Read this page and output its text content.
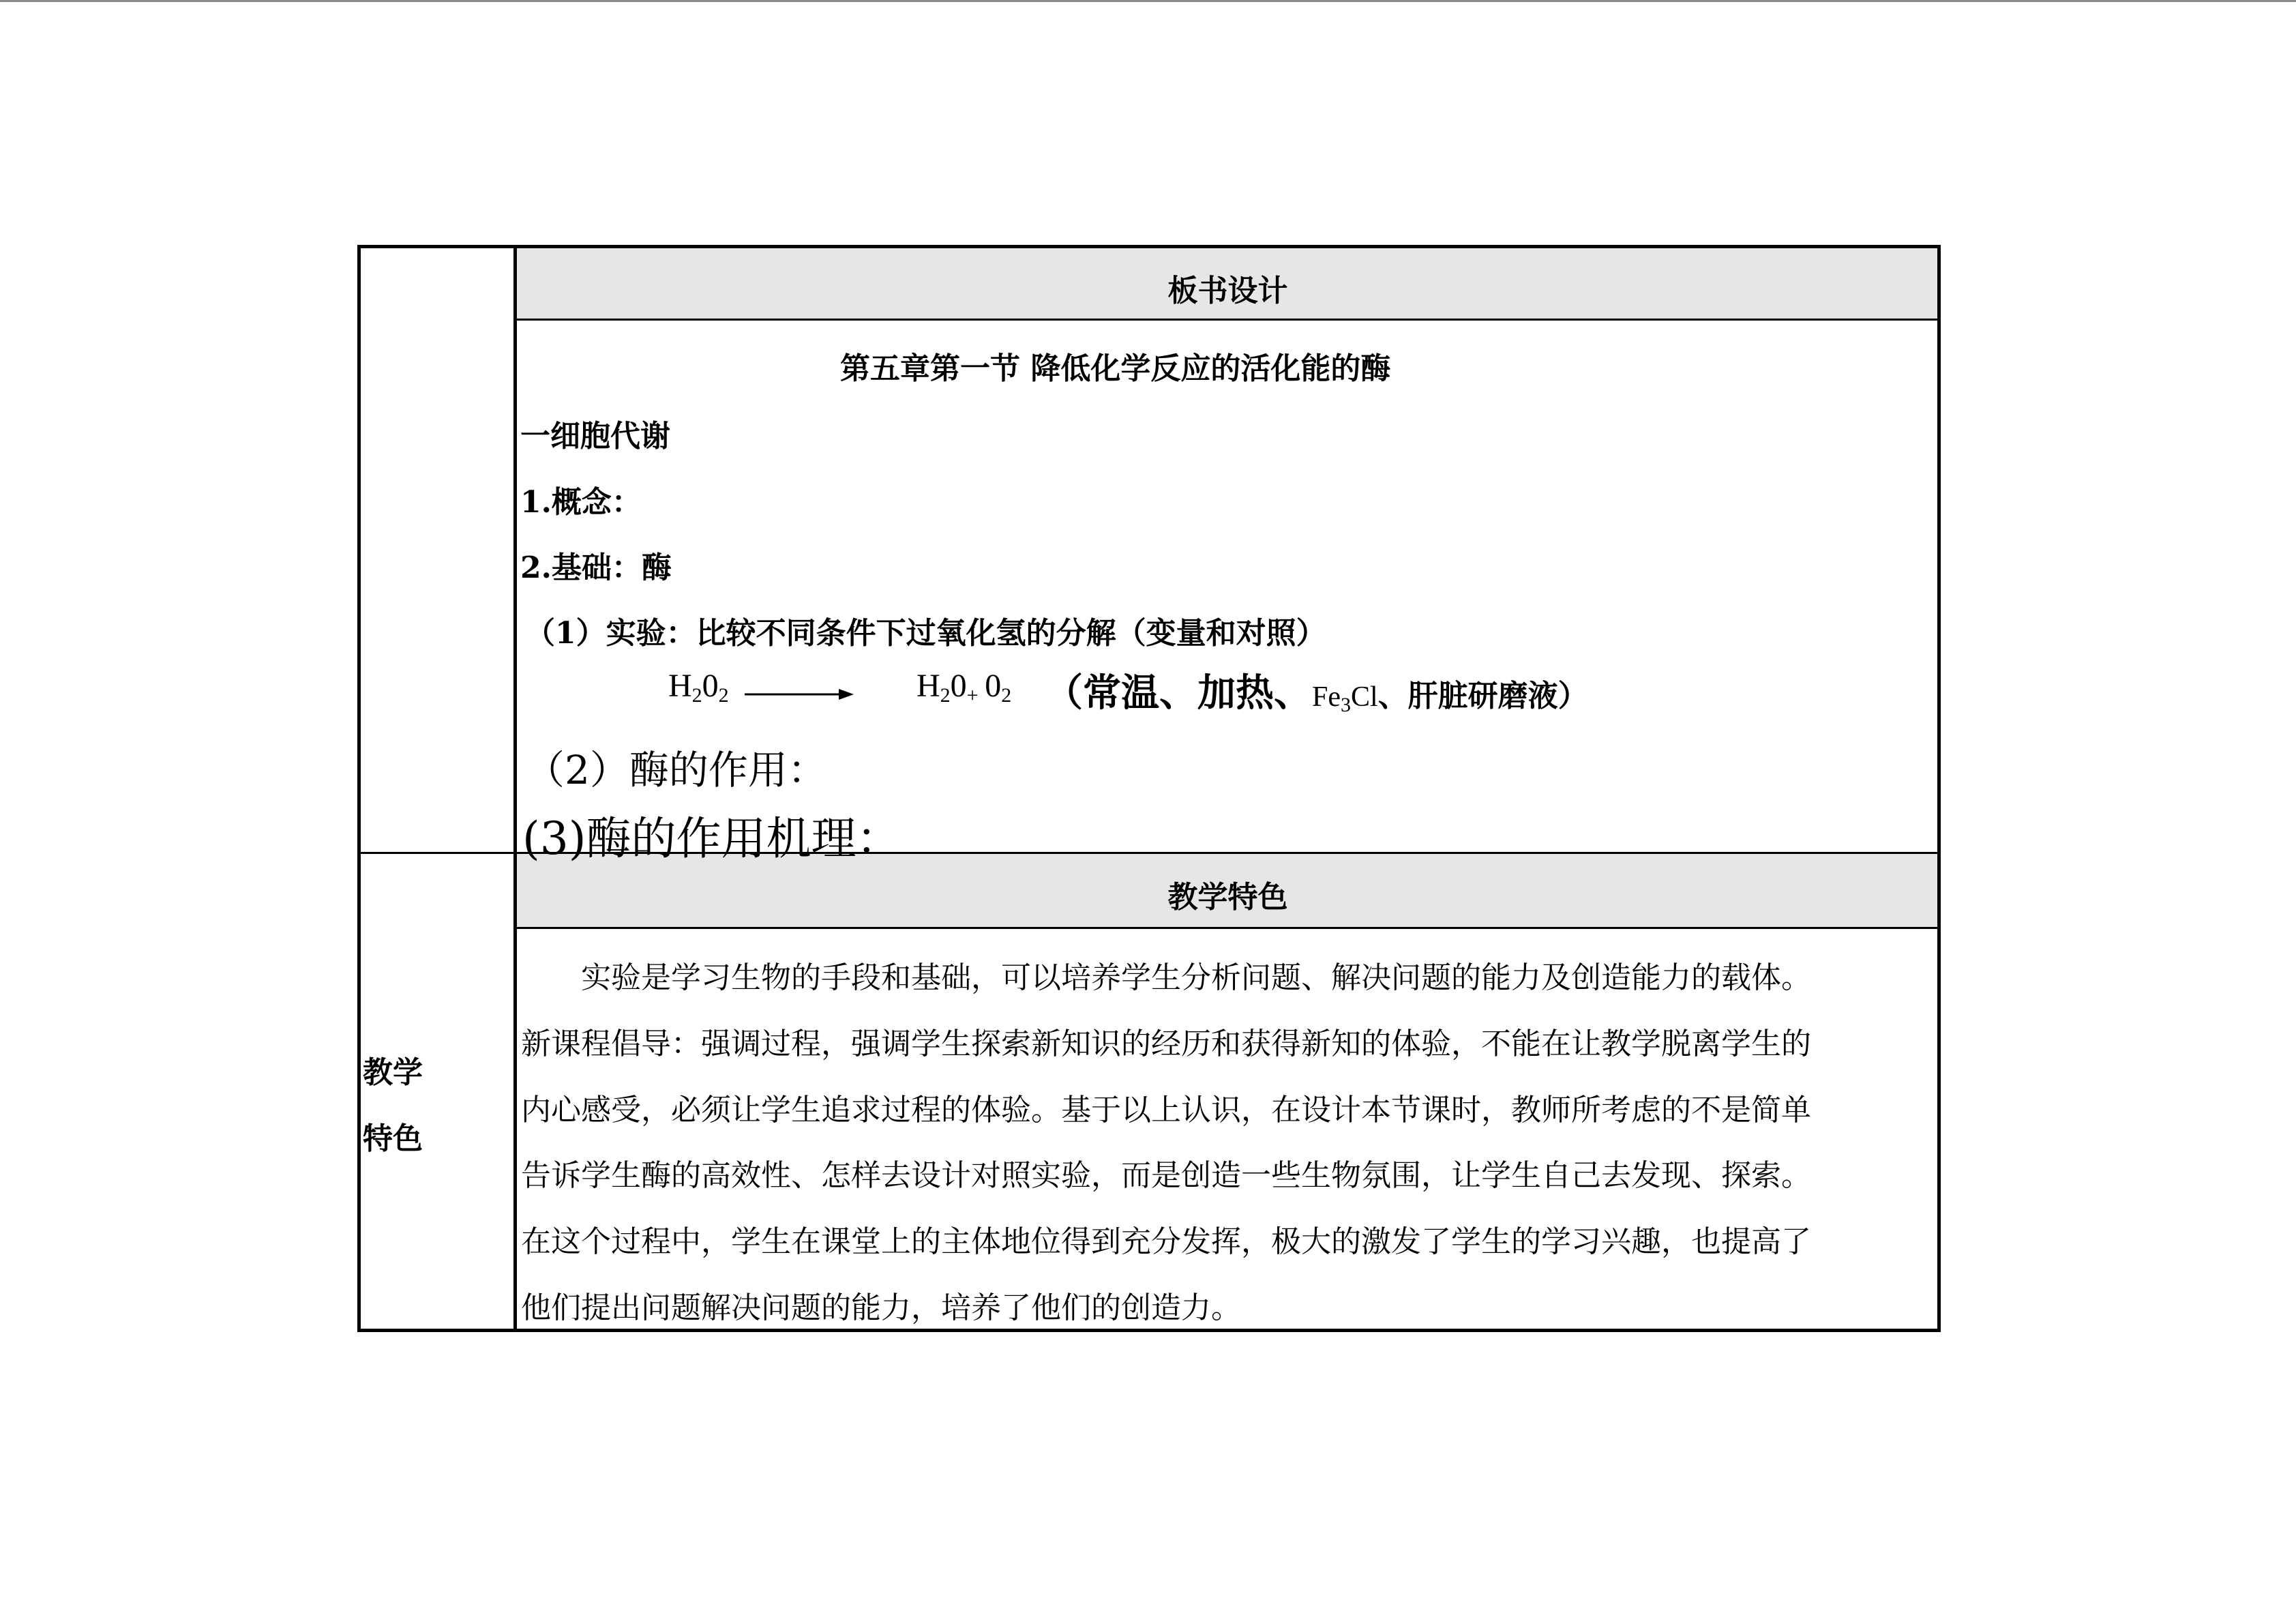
板书设计
第五章第一节 降低化学反应的活化能的酶
一细胞代谢
1.概念：
2.基础：酶
（1）实验：比较不同条件下过氧化氢的分解（变量和对照）
$H_20_2$	$H_20_+$  $0_2$ （常温、加热、$Fe_3Cl$、肝脏研磨液）
（2）酶的作用：
(3)酶的作用机理：
教学
特色
教学特色
　　实验是学习生物的手段和基础，可以培养学生分析问题、解决问题的能力及创造能力的载体。
新课程倡导：强调过程，强调学生探索新知识的经历和获得新知的体验，不能在让教学脱离学生的
内心感受，必须让学生追求过程的体验。基于以上认识，在设计本节课时，教师所考虑的不是简单
告诉学生酶的高效性、怎样去设计对照实验，而是创造一些生物氛围，让学生自己去发现、探索。
在这个过程中，学生在课堂上的主体地位得到充分发挥，极大的激发了学生的学习兴趣，也提高了
他们提出问题解决问题的能力，培养了他们的创造力。
